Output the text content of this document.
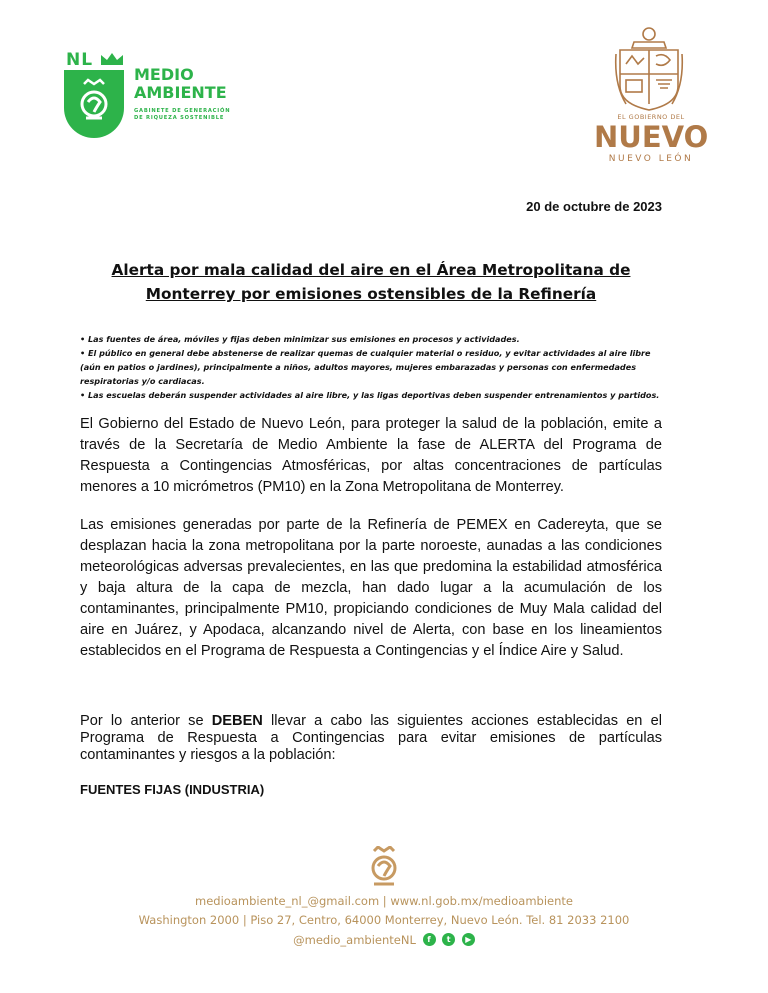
NL
MEDIO
AMBIENTE
GABINETE DE GENERACIÓN
DE RIQUEZA SOSTENIBLE	EL GOBIERNO DEL
NUEVO
NUEVO LEÓN
20 de octubre de 2023
Alerta por mala calidad del aire en el Área Metropolitana de Monterrey por emisiones ostensibles de la Refinería

• Las fuentes de área, móviles y fijas deben minimizar sus emisiones en procesos y actividades.

• El público en general debe abstenerse de realizar quemas de cualquier material o residuo, y evitar actividades al aire libre (aún en patios o jardines), principalmente a niños, adultos mayores, mujeres embarazadas y personas con enfermedades respiratorias y/o cardiacas.

• Las escuelas deberán suspender actividades al aire libre, y las ligas deportivas deben suspender entrenamientos y partidos.

El Gobierno del Estado de Nuevo León, para proteger la salud de la población, emite a través de la Secretaría de Medio Ambiente la fase de ALERTA del Programa de Respuesta a Contingencias Atmosféricas, por altas concentraciones de partículas menores a 10 micrómetros (PM10) en la Zona Metropolitana de Monterrey.
Las emisiones generadas por parte de la Refinería de PEMEX en Cadereyta, que se desplazan hacia la zona metropolitana por la parte noroeste, aunadas a las condiciones meteorológicas adversas prevalecientes, en las que predomina la estabilidad atmosférica y baja altura de la capa de mezcla, han dado lugar a la acumulación de los contaminantes, principalmente PM10, propiciando condiciones de Muy Mala calidad del aire en Juárez, y Apodaca, alcanzando nivel de Alerta, con base en los lineamientos establecidos en el Programa de Respuesta a Contingencias y el Índice Aire y Salud.
Por lo anterior se DEBEN llevar a cabo las siguientes acciones establecidas en el Programa de Respuesta a Contingencias para evitar emisiones de partículas contaminantes y riesgos a la población:
FUENTES FIJAS (INDUSTRIA)
medioambiente_nl_@gmail.com | www.nl.gob.mx/medioambiente
Washington 2000 | Piso 27, Centro, 64000 Monterrey, Nuevo León. Tel. 81 2033 2100
@medio_ambienteNL	f
	t
	▶
